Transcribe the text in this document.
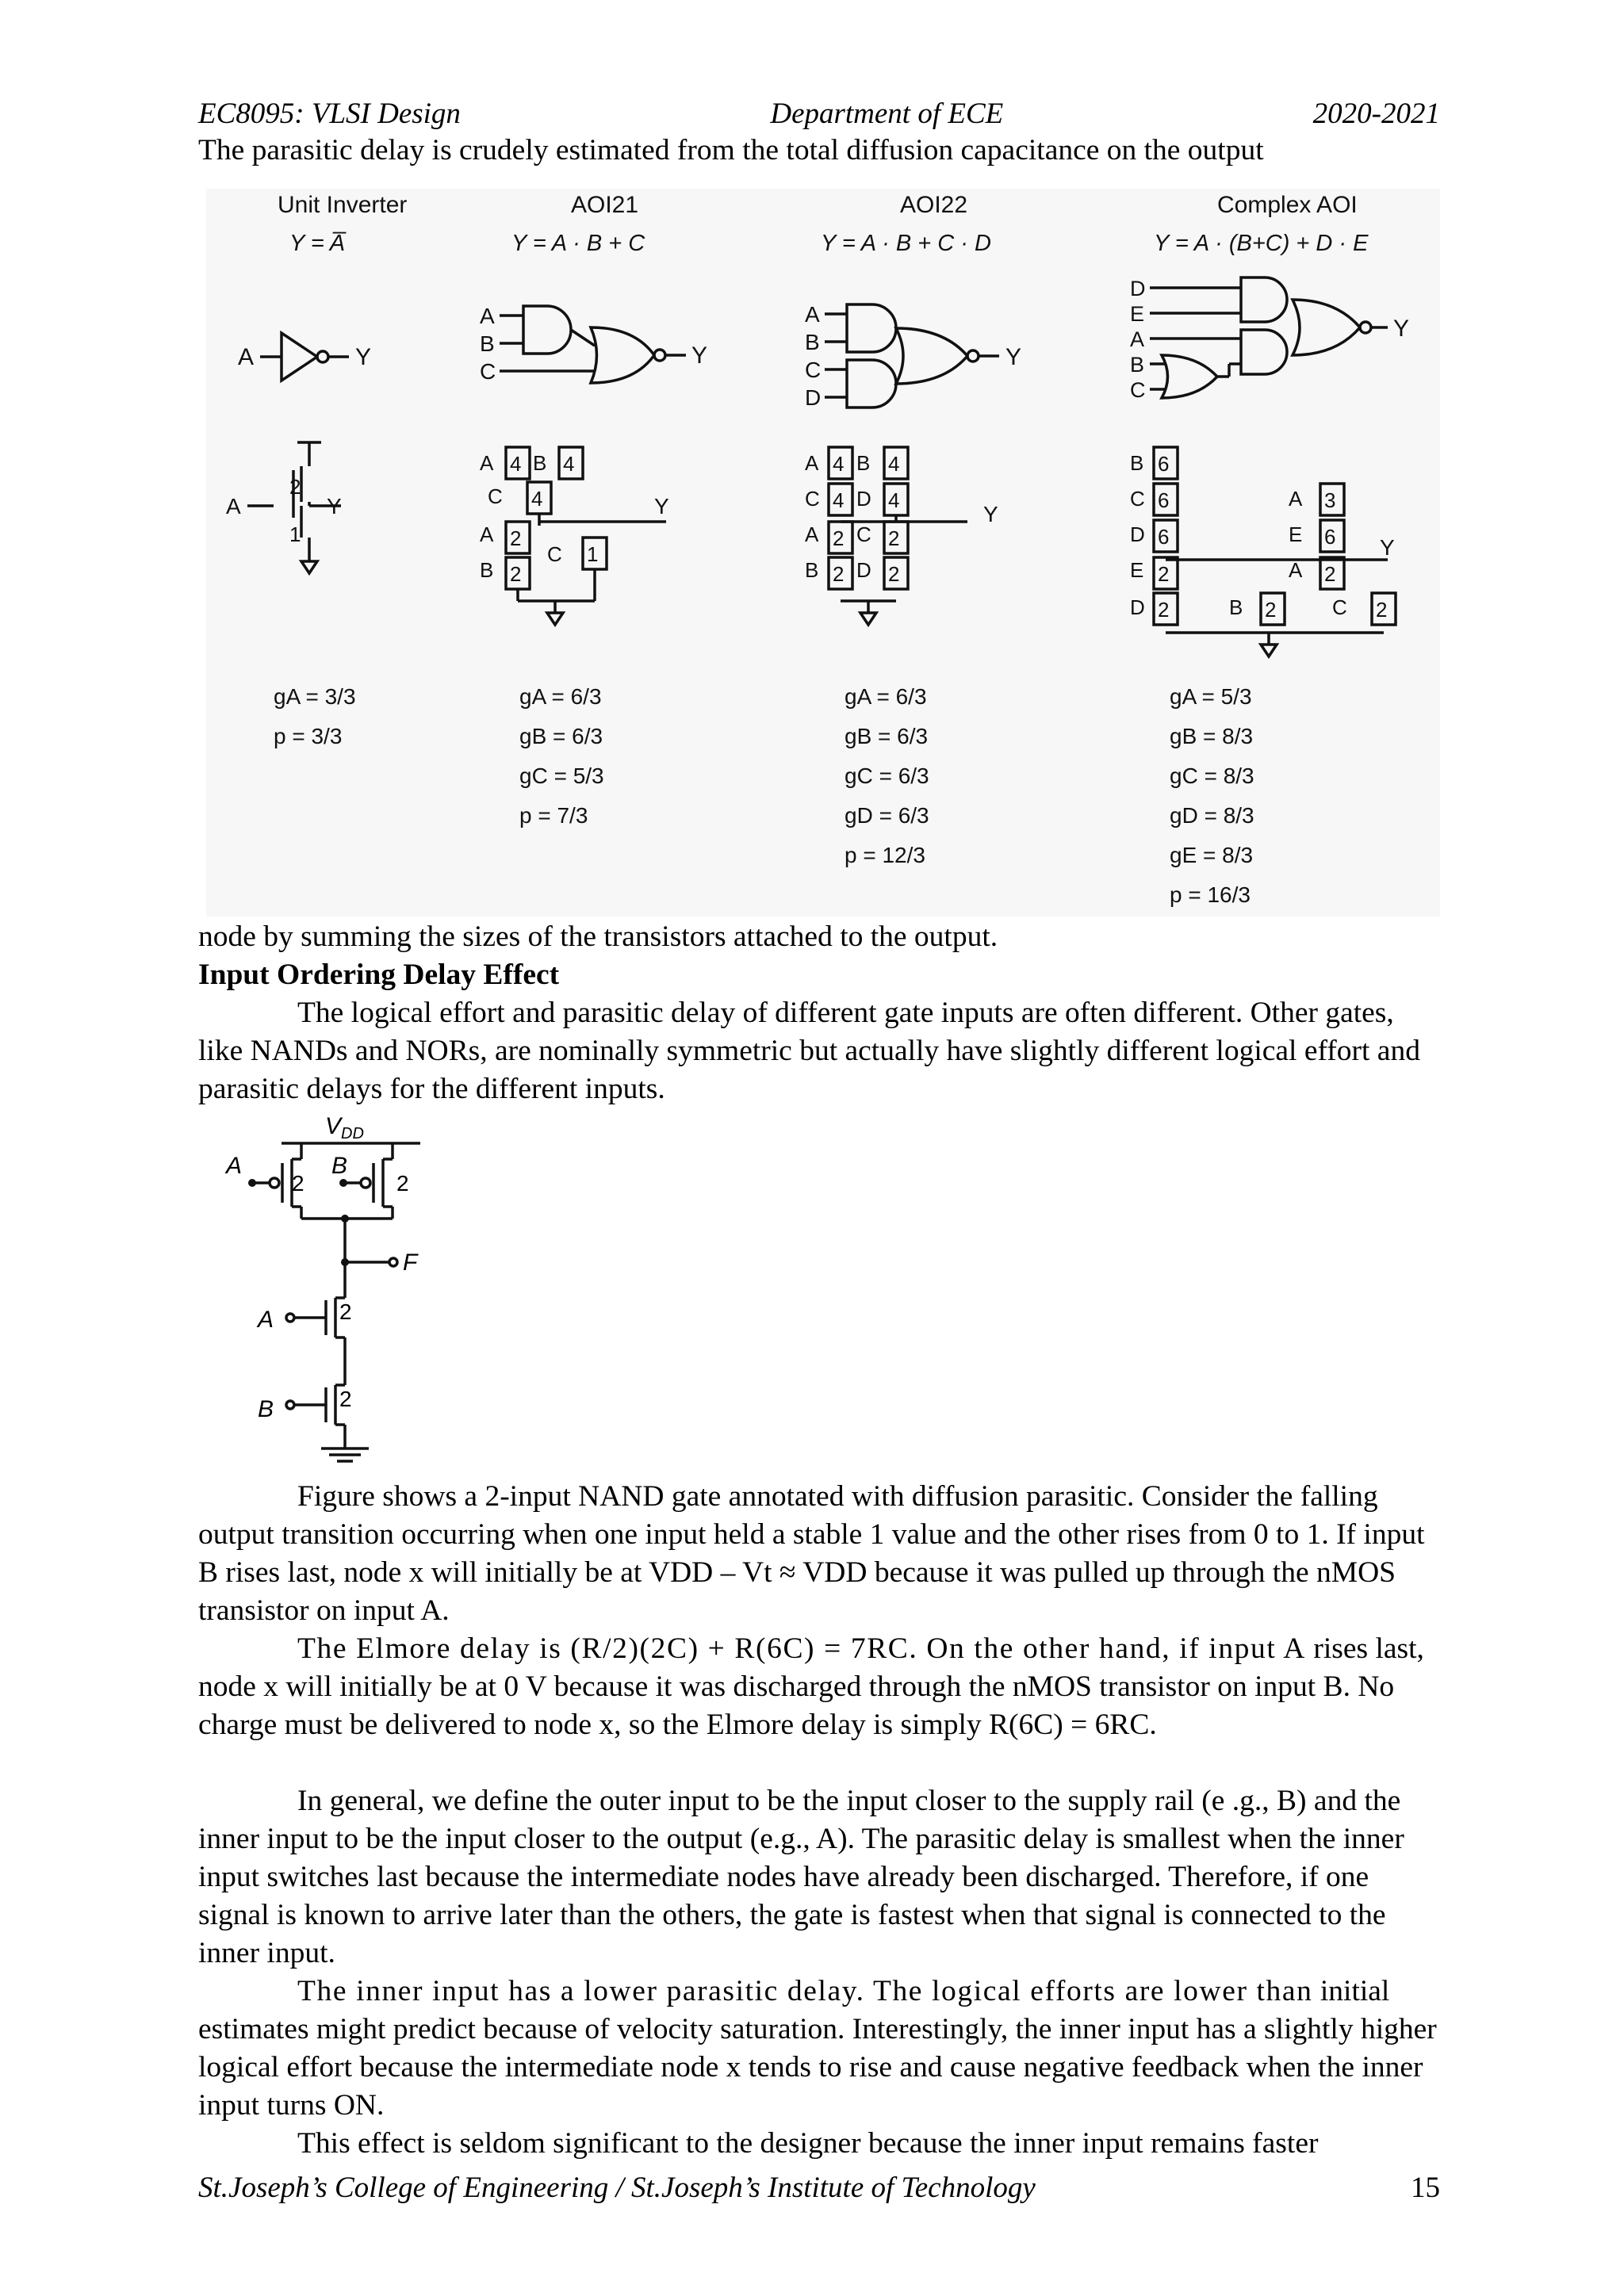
EC8095: VLSI Design	Department of ECE	2020-2021
The parasitic delay is crudely estimated from the total diffusion capacitance on the output
Unit Inverter	AOI21	AOI22	Complex AOI
Y = A̅	Y = A · B + C	Y = A · B + C · D	Y = A · (B+C) + D · E
A	Y
A
B
C
Y
A
B
C
D
Y
D
E
A
B
C
Y
A
2
1
Y
A 4 B 4
C 4	Y
A 2
C 1
B 2
A 4 B 4
C 4 D 4
Y
A 2 C 2
B 2 D 2
B 6
C 6	A 3
D 6	E 6 Y
E 2	A 2
D 2	B 2	C 2
gA = 3/3
p = 3/3
gA = 6/3
gB = 6/3
gC = 5/3
p = 7/3
gA = 6/3
gB = 6/3
gC = 6/3
gD = 6/3
p = 12/3
gA = 5/3
gB = 8/3
gC = 8/3
gD = 8/3
gE = 8/3
p = 16/3
node by summing the sizes of the transistors attached to the output.
Input Ordering Delay Effect
The logical effort and parasitic delay of different gate inputs are often different. Other gates, like NANDs and NORs, are nominally symmetric but actually have slightly different logical effort and parasitic delays for the different inputs.
$V_{DD}$
A
2
B
2
F
A	2
B	2
Figure shows a 2-input NAND gate annotated with diffusion parasitic. Consider the falling output transition occurring when one input held a stable 1 value and the other rises from 0 to 1. If input B rises last, node x will initially be at VDD – Vt ≈ VDD because it was pulled up through the nMOS transistor on input A.
The Elmore delay is (R/2)(2C) + R(6C) = 7RC. On the other hand, if input A rises last, node x will initially be at 0 V because it was discharged through the nMOS transistor on input B. No charge must be delivered to node x, so the Elmore delay is simply R(6C) = 6RC.
In general, we define the outer input to be the input closer to the supply rail (e .g., B) and the inner input to be the input closer to the output (e.g., A). The parasitic delay is smallest when the inner input switches last because the intermediate nodes have already been discharged. Therefore, if one signal is known to arrive later than the others, the gate is fastest when that signal is connected to the inner input.
The inner input has a lower parasitic delay. The logical efforts are lower than initial estimates might predict because of velocity saturation. Interestingly, the inner input has a slightly higher logical effort because the intermediate node x tends to rise and cause negative feedback when the inner input turns ON.
This effect is seldom significant to the designer because the inner input remains faster
St.Joseph’s College of Engineering / St.Joseph’s Institute of Technology	15
